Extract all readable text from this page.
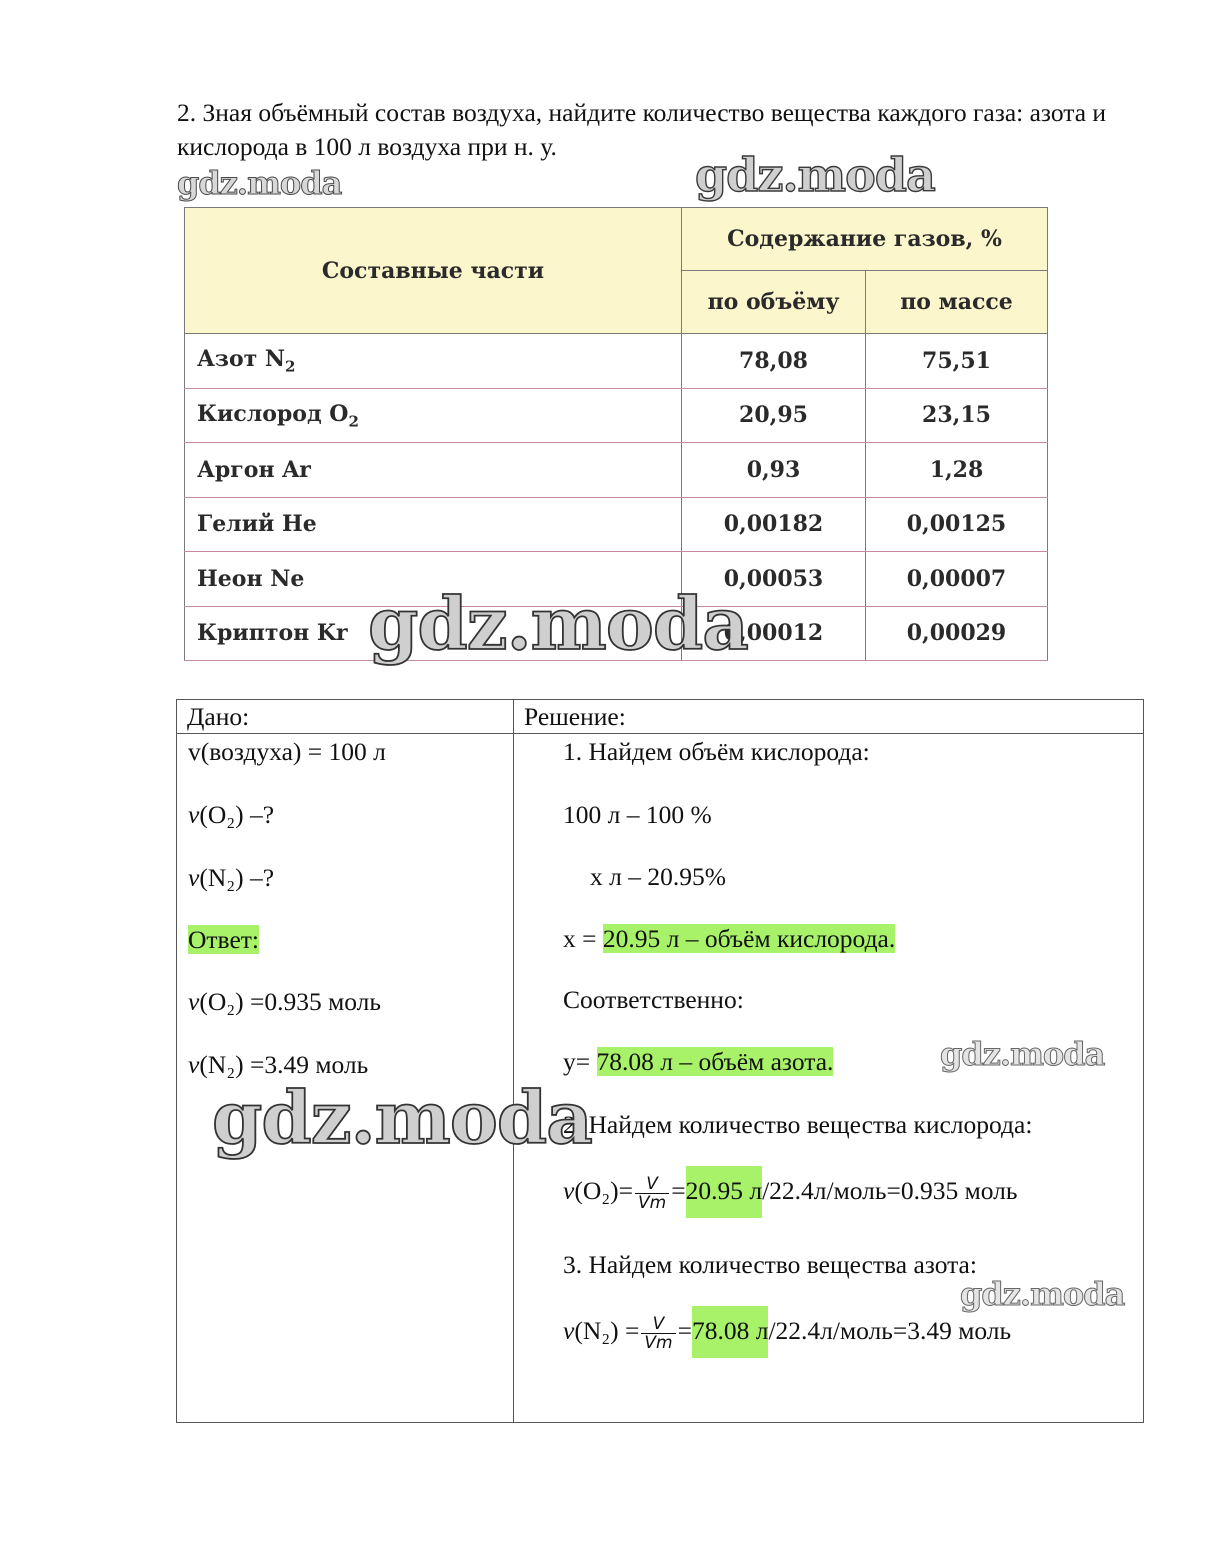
2. Зная объёмный состав воздуха, найдите количество вещества каждого газа: азота и кислорода в 100 л воздуха при н. у.

gdz.moda	gdz.moda
Составные части	Содержание газов, %	
	по объёму	по массе
Азот $N_2$	78,08	75,51
Кислород $O_2$	20,95	23,15
Аргон Ar	0,93	1,28
Гелий He	0,00182	0,00125
Неон Ne	0,00053	0,00007
Криптон Kr	0,00012	0,00029
gdz.moda
Дано:	Решение:

v(воздуха) = 100 л
ν(O₂) –?
ν(N₂) –?
Ответ:
ν(O₂) =0.935 моль
ν(N₂) =3.49 моль
1. Найдем объём кислорода:
100 л – 100 %
x л – 20.95%
x = 20.95 л – объём кислорода.
Соответственно:
y= 78.08 л – объём азота.
2. Найдем количество вещества кислорода:
$\nu(O_2)= \frac{V}{Vm} =20.95$ л/22.4л/моль=0.935 моль
3. Найдем количество вещества азота:
$\nu(N_2) = \frac{V}{Vm} =78.08$ л/22.4л/моль=3.49 моль
gdz.moda
gdz.moda
gdz.moda
